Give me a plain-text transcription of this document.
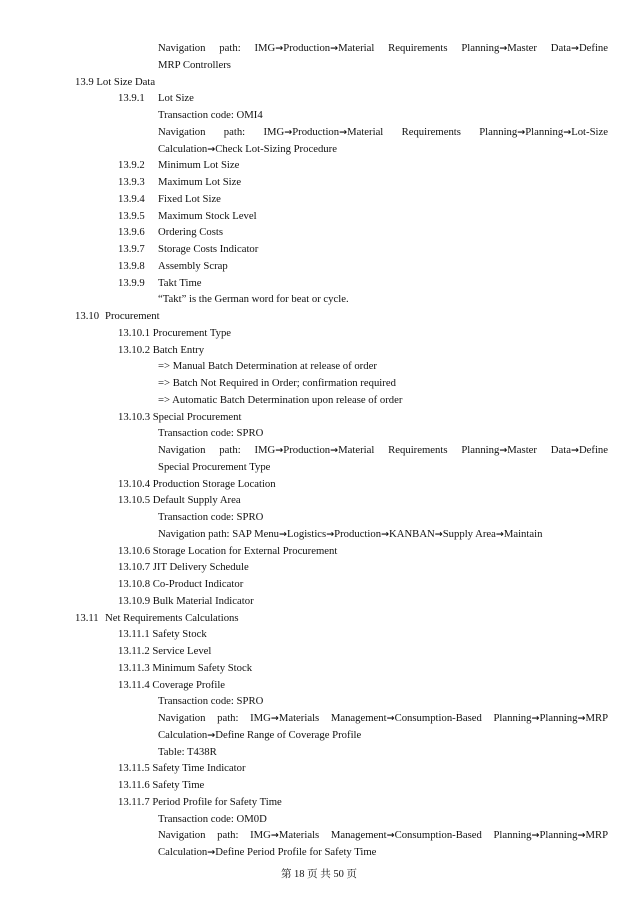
Navigation path: IMG→Production→Material Requirements Planning→Master Data→Define
MRP Controllers
13.9 Lot Size Data
13.9.1 Lot Size
Transaction code: OMI4
Navigation path: IMG→Production→Material Requirements Planning→Planning→Lot-Size
Calculation→Check Lot-Sizing Procedure
13.9.2 Minimum Lot Size
13.9.3 Maximum Lot Size
13.9.4 Fixed Lot Size
13.9.5 Maximum Stock Level
13.9.6 Ordering Costs
13.9.7 Storage Costs Indicator
13.9.8 Assembly Scrap
13.9.9 Takt Time
“Takt” is the German word for beat or cycle.
13.10 Procurement
13.10.1 Procurement Type
13.10.2 Batch Entry
=> Manual Batch Determination at release of order
=> Batch Not Required in Order; confirmation required
=> Automatic Batch Determination upon release of order
13.10.3 Special Procurement
Transaction code: SPRO
Navigation path: IMG→Production→Material Requirements Planning→Master Data→Define
Special Procurement Type
13.10.4 Production Storage Location
13.10.5 Default Supply Area
Transaction code: SPRO
Navigation path: SAP Menu→Logistics→Production→KANBAN→Supply Area→Maintain
13.10.6 Storage Location for External Procurement
13.10.7 JIT Delivery Schedule
13.10.8 Co-Product Indicator
13.10.9 Bulk Material Indicator
13.11 Net Requirements Calculations
13.11.1 Safety Stock
13.11.2 Service Level
13.11.3 Minimum Safety Stock
13.11.4 Coverage Profile
Transaction code: SPRO
Navigation path: IMG→Materials Management→Consumption-Based Planning→Planning→MRP
Calculation→Define Range of Coverage Profile
Table: T438R
13.11.5 Safety Time Indicator
13.11.6 Safety Time
13.11.7 Period Profile for Safety Time
Transaction code: OM0D
Navigation path: IMG→Materials Management→Consumption-Based Planning→Planning→MRP
Calculation→Define Period Profile for Safety Time
第 18 页 共 50 页
